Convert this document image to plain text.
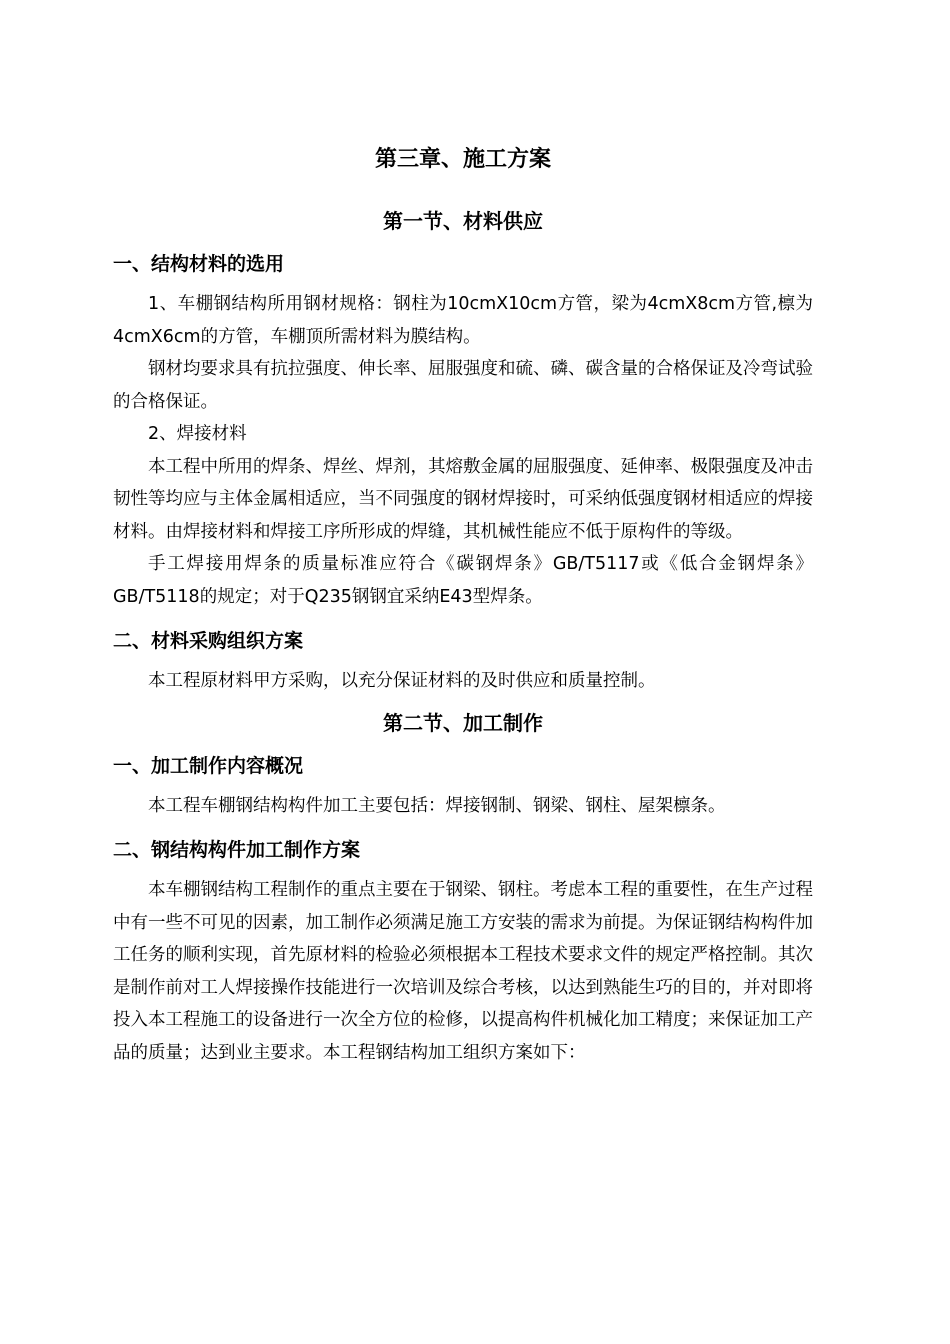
第三章、施工方案
第一节、材料供应
一、结构材料的选用

1、车棚钢结构所用钢材规格：钢柱为10cmX10cm方管，梁为4cmX8cm方管,檩为4cmX6cm的方管，车棚顶所需材料为膜结构。

钢材均要求具有抗拉强度、伸长率、屈服强度和硫、磷、碳含量的合格保证及冷弯试验的合格保证。

2、焊接材料

本工程中所用的焊条、焊丝、焊剂，其熔敷金属的屈服强度、延伸率、极限强度及冲击韧性等均应与主体金属相适应，当不同强度的钢材焊接时，可采纳低强度钢材相适应的焊接材料。由焊接材料和焊接工序所形成的焊缝，其机械性能应不低于原构件的等级。

手工焊接用焊条的质量标准应符合《碳钢焊条》GB/T5117或《低合金钢焊条》GB/T5118的规定；对于Q235钢钢宜采纳E43型焊条。

二、材料采购组织方案

本工程原材料甲方采购，以充分保证材料的及时供应和质量控制。

第二节、加工制作
一、加工制作内容概况

本工程车棚钢结构构件加工主要包括：焊接钢制、钢梁、钢柱、屋架檩条。

二、钢结构构件加工制作方案

本车棚钢结构工程制作的重点主要在于钢梁、钢柱。考虑本工程的重要性，在生产过程中有一些不可见的因素，加工制作必须满足施工方安装的需求为前提。为保证钢结构构件加工任务的顺利实现，首先原材料的检验必须根据本工程技术要求文件的规定严格控制。其次是制作前对工人焊接操作技能进行一次培训及综合考核，以达到熟能生巧的目的，并对即将投入本工程施工的设备进行一次全方位的检修，以提高构件机械化加工精度；来保证加工产品的质量；达到业主要求。本工程钢结构加工组织方案如下：
